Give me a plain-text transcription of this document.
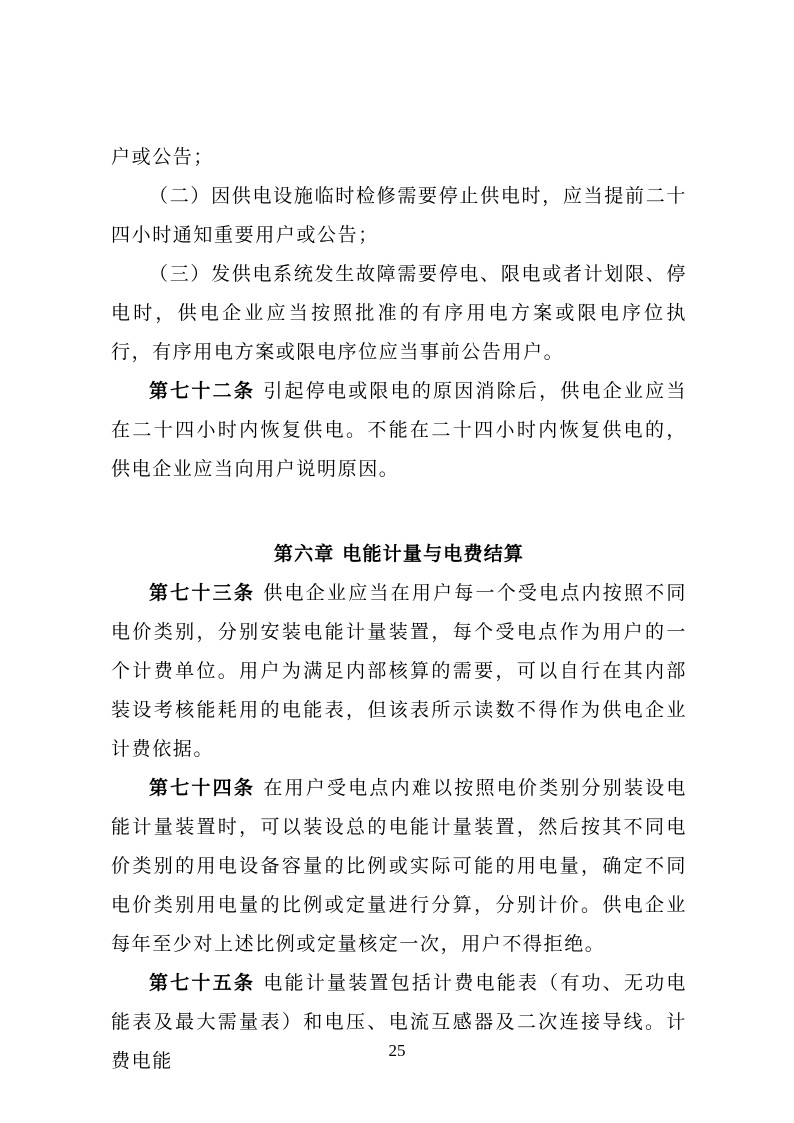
户或公告；

（二）因供电设施临时检修需要停止供电时，应当提前二十四小时通知重要用户或公告；

（三）发供电系统发生故障需要停电、限电或者计划限、停电时，供电企业应当按照批准的有序用电方案或限电序位执行，有序用电方案或限电序位应当事前公告用户。

第七十二条 引起停电或限电的原因消除后，供电企业应当在二十四小时内恢复供电。不能在二十四小时内恢复供电的，供电企业应当向用户说明原因。

第六章 电能计量与电费结算

第七十三条 供电企业应当在用户每一个受电点内按照不同电价类别，分别安装电能计量装置，每个受电点作为用户的一个计费单位。用户为满足内部核算的需要，可以自行在其内部装设考核能耗用的电能表，但该表所示读数不得作为供电企业计费依据。

第七十四条 在用户受电点内难以按照电价类别分别装设电能计量装置时，可以装设总的电能计量装置，然后按其不同电价类别的用电设备容量的比例或实际可能的用电量，确定不同电价类别用电量的比例或定量进行分算，分别计价。供电企业每年至少对上述比例或定量核定一次，用户不得拒绝。

第七十五条 电能计量装置包括计费电能表（有功、无功电能表及最大需量表）和电压、电流互感器及二次连接导线。计费电能	25
